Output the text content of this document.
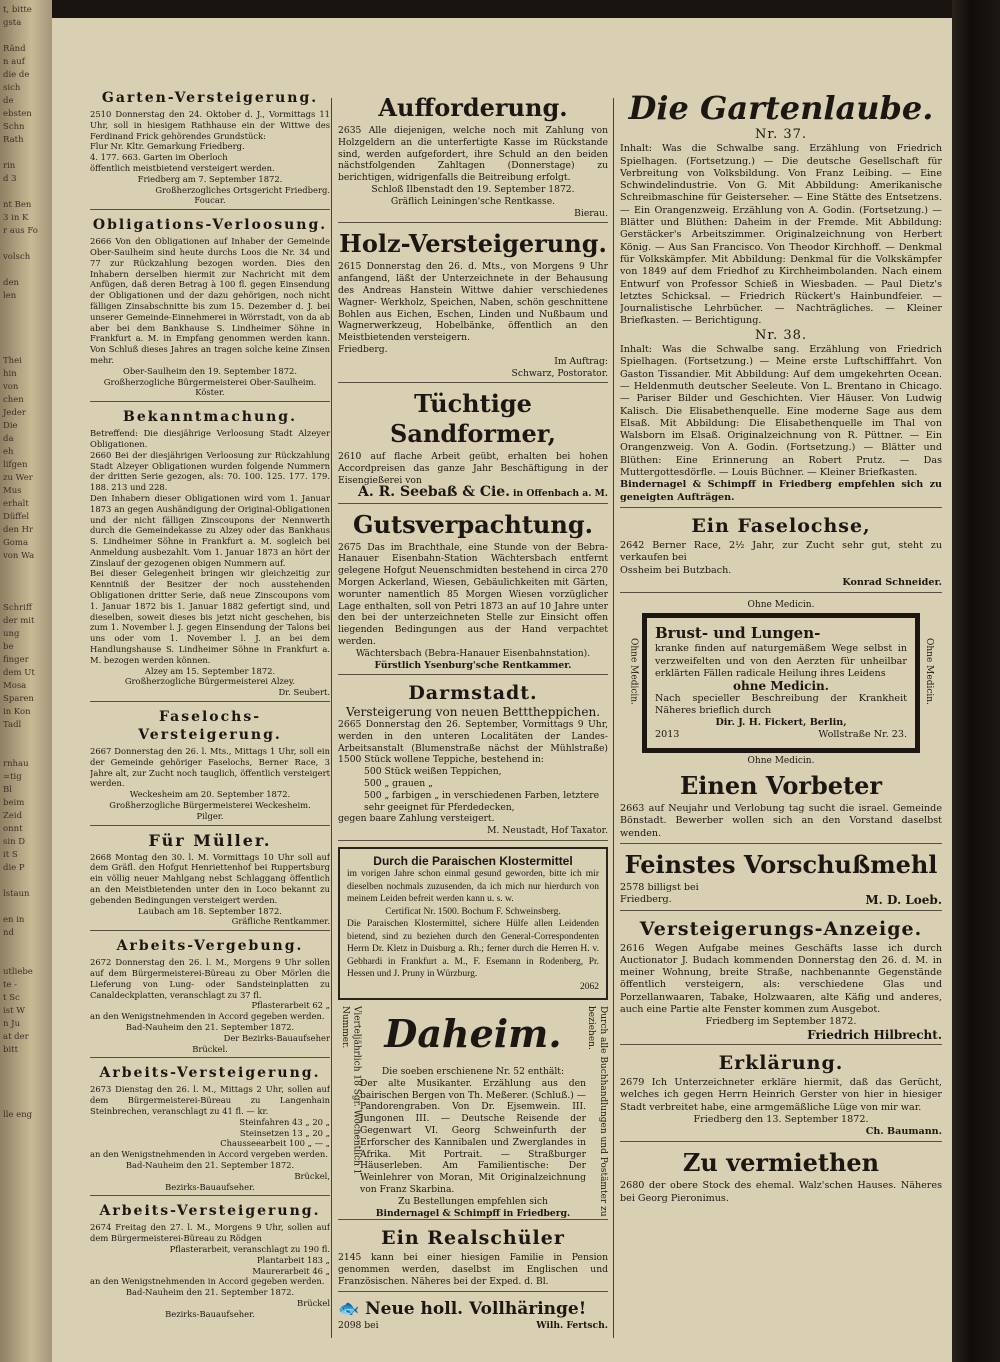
t, bitte
gsta

Ränd
n auf
die de
sich
de
ebsten
Schn
Rath

rin
d 3

nt Ben
3 in K
r aus Fo

volsch

den
len

Thei
hin
von
chen
Jeder
Die
da
eh
lifgen
zu Wer
Mus
erhalt
Düffel
den Hr
Goma
von Wa

Schriff
der mit
ung
be
finger
dem Ut
Mosa
Sparen
in Kon
Tadl

rnhau
=tig
Bl
beim
Zeid
onnt
sin D
it S
die P

lstaun

en in
nd

utliebe
te -
t Sc
ist W
n Ju
at der
bitt

lle eng
Garten-Versteigerung.
2510 Donnerstag den 24. Oktober d. J., Vormittags 11 Uhr, soll in hiesigem Rathhause ein der Wittwe des Ferdinand Frick gehörendes Grundstück:
Flur Nr. Kltr. Gemarkung Friedberg.
4. 177. 663. Garten im Oberloch
öffentlich meistbietend versteigert werden.
Friedberg am 7. September 1872.
Großherzogliches Ortsgericht Friedberg.
Foucar.
Obligations-Verloosung.
2666 Von den Obligationen auf Inhaber der Gemeinde Ober-Saulheim sind heute durchs Loos die Nr. 34 und 77 zur Rückzahlung bezogen worden. Dies den Inhabern derselben hiermit zur Nachricht mit dem Anfügen, daß deren Betrag à 100 fl. gegen Einsendung der Obligationen und der dazu gehörigen, noch nicht fälligen Zinsabschnitte bis zum 15. Dezember d. J. bei unserer Gemeinde-Einnehmerei in Wörrstadt, von da ab aber bei dem Bankhause S. Lindheimer Söhne in Frankfurt a. M. in Empfang genommen werden kann. Von Schluß dieses Jahres an tragen solche keine Zinsen mehr.
Ober-Saulheim den 19. September 1872.
Großherzogliche Bürgermeisterei Ober-Saulheim.
Köster.
Bekanntmachung.
Betreffend: Die diesjährige Verloosung Stadt Alzeyer Obligationen.
2660 Bei der diesjährigen Verloosung zur Rückzahlung Stadt Alzeyer Obligationen wurden folgende Nummern der dritten Serie gezogen, als: 70. 100. 125. 177. 179. 188. 213 und 228.
Den Inhabern dieser Obligationen wird vom 1. Januar 1873 an gegen Aushändigung der Original-Obligationen und der nicht fälligen Zinscoupons der Nennwerth durch die Gemeindekasse zu Alzey oder das Bankhaus S. Lindheimer Söhne in Frankfurt a. M. sogleich bei Anmeldung ausbezahlt. Vom 1. Januar 1873 an hört der Zinslauf der gezogenen obigen Nummern auf.
Bei dieser Gelegenheit bringen wir gleichzeitig zur Kenntniß der Besitzer der noch ausstehenden Obligationen dritter Serie, daß neue Zinscoupons vom 1. Januar 1872 bis 1. Januar 1882 gefertigt sind, und dieselben, soweit dieses bis jetzt nicht geschehen, bis zum 1. November l. J. gegen Einsendung der Talons bei uns oder vom 1. November l. J. an bei dem Handlungshause S. Lindheimer Söhne in Frankfurt a. M. bezogen werden können.
Alzey am 15. September 1872.
Großherzogliche Bürgermeisterei Alzey.
Dr. Seubert.
Faselochs-Versteigerung.
2667 Donnerstag den 26. l. Mts., Mittags 1 Uhr, soll ein der Gemeinde gehöriger Faselochs, Berner Race, 3 Jahre alt, zur Zucht noch tauglich, öffentlich versteigert werden.
Weckesheim am 20. September 1872.
Großherzogliche Bürgermeisterei Weckesheim.
Pilger.
Für Müller.
2668 Montag den 30. l. M. Vormittags 10 Uhr soll auf dem Gräfl. den Hofgut Henriettenhof bei Ruppertsburg ein völlig neuer Mahlgang nebst Schlaggang öffentlich an den Meistbietenden unter den in Loco bekannt zu gebenden Bedingungen versteigert werden.
Laubach am 18. September 1872.
Gräfliche Rentkammer.
Arbeits-Vergebung.
2672 Donnerstag den 26. l. M., Morgens 9 Uhr sollen auf dem Bürgermeisterei-Büreau zu Ober Mörlen die Lieferung von Lung- oder Sandsteinplatten zu Canaldeckplatten, veranschlagt zu 37 fl.
Pflasterarbeit 62 „
an den Wenigstnehmenden in Accord gegeben werden.
Bad-Nauheim den 21. September 1872.
Der Bezirks-Bauaufseher
Brückel.
Arbeits-Versteigerung.
2673 Dienstag den 26. l. M., Mittags 2 Uhr, sollen auf dem Bürgermeisterei-Büreau zu Langenhain Steinbrechen, veranschlagt zu 41 fl. — kr.
Steinfahren 43 „ 20 „
Steinsetzen 13 „ 20 „
Chausseearbeit 100 „ — „
an den Wenigstnehmenden in Accord vergeben werden.
Bad-Nauheim den 21. September 1872.
Brückel,
Bezirks-Bauaufseher.
Arbeits-Versteigerung.
2674 Freitag den 27. l. M., Morgens 9 Uhr, sollen auf dem Bürgermeisterei-Büreau zu Rödgen
Pflasterarbeit, veranschlagt zu 190 fl.
Plantarbeit 183 „
Maurerarbeit 46 „
an den Wenigstnehmenden in Accord gegeben werden.
Bad-Nauheim den 21. September 1872.
Brückel
Bezirks-Bauaufseher.
Aufforderung.
2635 Alle diejenigen, welche noch mit Zahlung von Holzgeldern an die unterfertigte Kasse im Rückstande sind, werden aufgefordert, ihre Schuld an den beiden nächstfolgenden Zahltagen (Donnerstage) zu berichtigen, widrigenfalls die Beitreibung erfolgt.
Schloß Ilbenstadt den 19. September 1872.
Gräflich Leiningen'sche Rentkasse.
Bierau.
Holz-Versteigerung.
2615 Donnerstag den 26. d. Mts., von Morgens 9 Uhr anfangend, läßt der Unterzeichnete in der Behausung des Andreas Hanstein Wittwe dahier verschiedenes Wagner- Werkholz, Speichen, Naben, schön geschnittene Bohlen aus Eichen, Eschen, Linden und Nußbaum und Wagnerwerkzeug, Hobelbänke, öffentlich an den Meistbietenden versteigern.
Friedberg.
Im Auftrag:
Schwarz, Postorator.
Tüchtige Sandformer,
2610 auf flache Arbeit geübt, erhalten bei hohen Accordpreisen das ganze Jahr Beschäftigung in der Eisengießerei von
A. R. Seebaß & Cie. in Offenbach a. M.
Gutsverpachtung.
2675 Das im Brachthale, eine Stunde von der Bebra-Hanauer Eisenbahn-Station Wächtersbach entfernt gelegene Hofgut Neuenschmidten bestehend in circa 270 Morgen Ackerland, Wiesen, Gebäulichkeiten mit Gärten, worunter namentlich 85 Morgen Wiesen vorzüglicher Lage enthalten, soll von Petri 1873 an auf 10 Jahre unter den bei der unterzeichneten Stelle zur Einsicht offen liegenden Bedingungen aus der Hand verpachtet werden.
Wächtersbach (Bebra-Hanauer Eisenbahnstation).
Fürstlich Ysenburg'sche Rentkammer.
Darmstadt.
Versteigerung von neuen Betttheppichen.
2665 Donnerstag den 26. September, Vormittags 9 Uhr, werden in den unteren Localitäten der Landes-Arbeitsanstalt (Blumenstraße nächst der Mühlstraße) 1500 Stück wollene Teppiche, bestehend in:
500 Stück weißen Teppichen,
500 „ grauen „
500 „ farbigen „ in verschiedenen Farben, letztere sehr geeignet für Pferdedecken,
gegen baare Zahlung versteigert.
M. Neustadt, Hof Taxator.
Durch die Paraischen Klostermittel
im vorigen Jahre schon einmal gesund geworden, bitte ich mir dieselben nochmals zuzusenden, da ich mich nur hierdurch von meinem Leiden befreit werden kann u. s. w.
Certificat Nr. 1500. Bochum F. Schweinsberg.
Die Paraischen Klostermittel, sichere Hülfe allen Leidenden bietend, sind zu beziehen durch den General-Correspondenten Herrn Dr. Kletz in Duisburg a. Rh.; ferner durch die Herren H. v. Gebhardi in Frankfurt a. M., F. Esemann in Rodenberg, Pr. Hessen und J. Pruny in Würzburg.
2062
Vierteljährlich 18 Sgr. Wöchentlich 1 Nummer.	Durch alle Buchhandlungen und Postämter zu beziehen.
Daheim.
Die soeben erschienene Nr. 52 enthält:
Der alte Musikanter. Erzählung aus den bairischen Bergen von Th. Meßerer. (Schluß.) — Pandorengraben. Von Dr. Ejsemwein. III. Jungonen III. — Deutsche Reisende der Gegenwart VI. Georg Schweinfurth der Erforscher des Kannibalen und Zwerglandes in Afrika. Mit Portrait. — Straßburger Häuserleben. Am Familientische: Der Weinlehrer von Moran, Mit Originalzeichnung von Franz Skarbina.
Zu Bestellungen empfehlen sich
Bindernagel & Schimpff in Friedberg.
Ein Realschüler
2145 kann bei einer hiesigen Familie in Pension genommen werden, daselbst im Englischen und Französischen. Näheres bei der Exped. d. Bl.
🐟 Neue holl. Vollhäringe!
2098 bei	Wilh. Fertsch.
Die Gartenlaube.
Nr. 37.
Inhalt: Was die Schwalbe sang. Erzählung von Friedrich Spielhagen. (Fortsetzung.) — Die deutsche Gesellschaft für Verbreitung von Volksbildung. Von Franz Leibing. — Eine Schwindelindustrie. Von G. Mit Abbildung: Amerikanische Schreibmaschine für Geisterseher. — Eine Stätte des Entsetzens. — Ein Orangenzweig. Erzählung von A. Godin. (Fortsetzung.) — Blätter und Blüthen: Daheim in der Fremde. Mit Abbildung: Gerstäcker's Arbeitszimmer. Originalzeichnung von Herbert König. — Aus San Francisco. Von Theodor Kirchhoff. — Denkmal für Volkskämpfer. Mit Abbildung: Denkmal für die Volkskämpfer von 1849 auf dem Friedhof zu Kirchheimbolanden. Nach einem Entwurf von Professor Schieß in Wiesbaden. — Paul Dietz's letztes Schicksal. — Friedrich Rückert's Hainbundfeier. — Journalistische Lehrbücher. — Nachträgliches. — Kleiner Briefkasten. — Berichtigung.
Nr. 38.
Inhalt: Was die Schwalbe sang. Erzählung von Friedrich Spielhagen. (Fortsetzung.) — Meine erste Luftschifffahrt. Von Gaston Tissandier. Mit Abbildung: Auf dem umgekehrten Ocean. — Heldenmuth deutscher Seeleute. Von L. Brentano in Chicago. — Pariser Bilder und Geschichten. Vier Häuser. Von Ludwig Kalisch. Die Elisabethenquelle. Eine moderne Sage aus dem Elsaß. Mit Abbildung: Die Elisabethenquelle im Thal von Walsborn im Elsaß. Originalzeichnung von R. Püttner. — Ein Orangenzweig. Von A. Godin. (Fortsetzung.) — Blätter und Blüthen: Eine Erinnerung an Robert Prutz. — Das Muttergottesdörfle. — Louis Büchner. — Kleiner Briefkasten.
Bindernagel & Schimpff in Friedberg empfehlen sich zu geneigten Aufträgen.
Ein Faselochse,
2642 Berner Race, 2½ Jahr, zur Zucht sehr gut, steht zu verkaufen bei
Ossheim bei Butzbach.
Konrad Schneider.
Ohne Medicin.
Ohne Medicin.	Ohne Medicin.
Brust- und Lungen-
kranke finden auf naturgemäßem Wege selbst in verzweifelten und von den Aerzten für unheilbar erklärten Fällen radicale Heilung ihres Leidens
ohne Medicin.
Nach specieller Beschreibung der Krankheit Näheres brieflich durch
Dir. J. H. Fickert, Berlin,
2013	Wollstraße Nr. 23.
Ohne Medicin.
Einen Vorbeter
2663 auf Neujahr und Verlobung tag sucht die israel. Gemeinde Bönstadt. Bewerber wollen sich an den Vorstand daselbst wenden.
Feinstes Vorschußmehl
2578 billigst bei
Friedberg.	M. D. Loeb.
Versteigerungs-Anzeige.
2616 Wegen Aufgabe meines Geschäfts lasse ich durch Auctionator J. Budach kommenden Donnerstag den 26. d. M. in meiner Wohnung, breite Straße, nachbenannte Gegenstände öffentlich versteigern, als: verschiedene Glas und Porzellanwaaren, Tabake, Holzwaaren, alte Käfig und anderes, auch eine Partie alte Fenster kommen zum Ausgebot.
Friedberg im September 1872.
Friedrich Hilbrecht.
Erklärung.
2679 Ich Unterzeichneter erkläre hiermit, daß das Gerücht, welches ich gegen Herrn Heinrich Gerster von hier in hiesiger Stadt verbreitet habe, eine armgemäßliche Lüge von mir war.
Friedberg den 13. September 1872.
Ch. Baumann.
Zu vermiethen
2680 der obere Stock des ehemal. Walz'schen Hauses. Näheres bei Georg Pieronimus.
